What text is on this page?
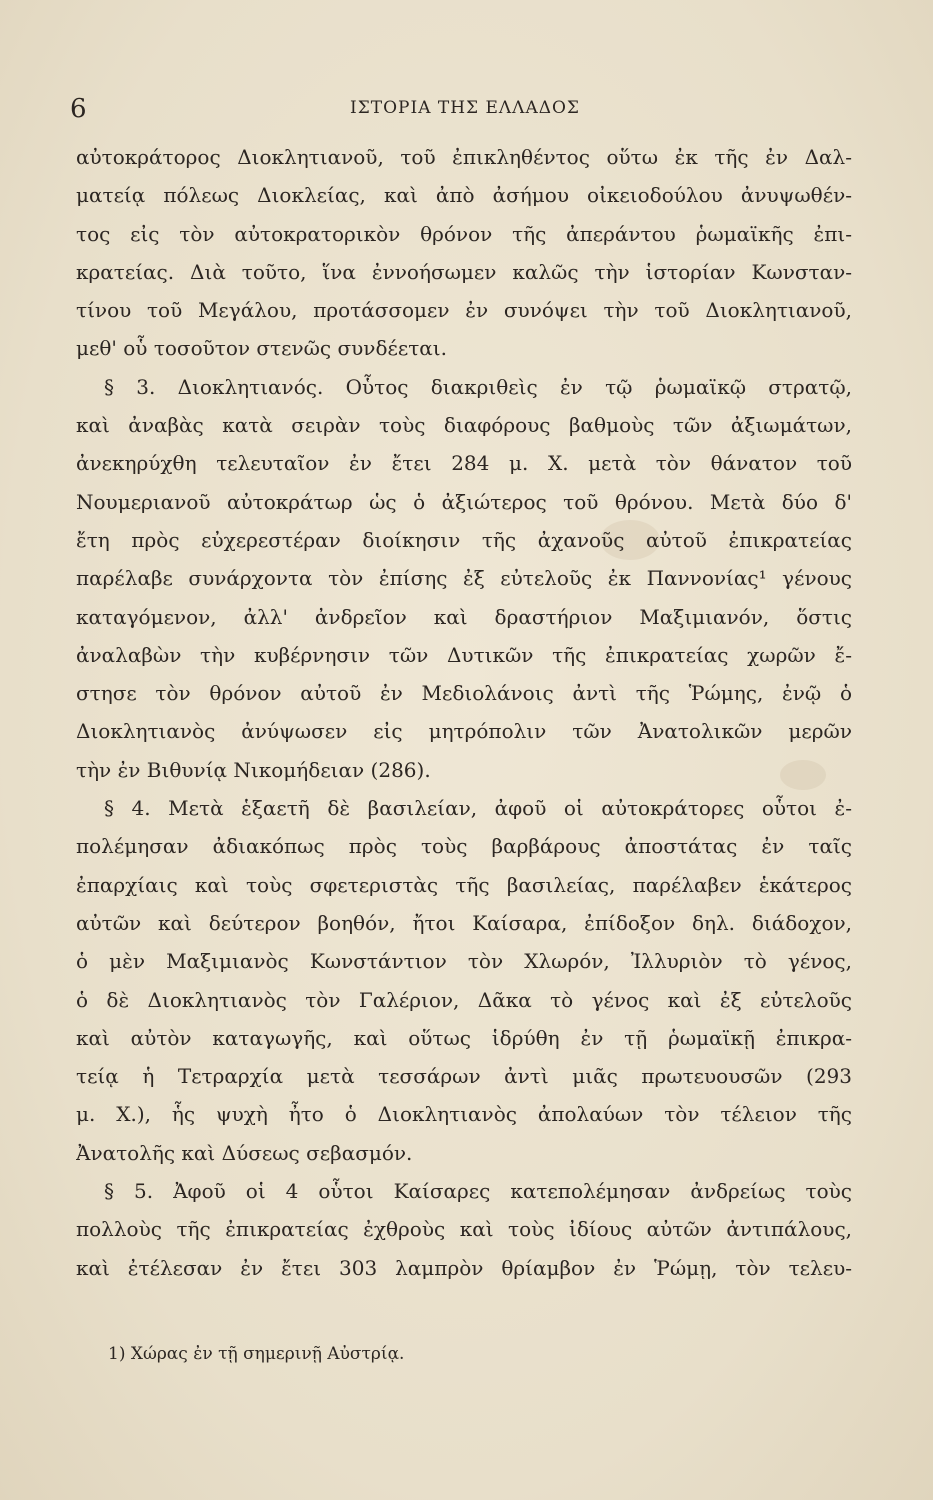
6	ΙΣΤΟΡΙΑ ΤΗΣ ΕΛΛΑΔΟΣ
αὐτοκράτορος Διοκλητιανοῦ, τοῦ ἐπικληθέντος οὕτω ἐκ τῆς ἐν Δαλ-
ματείᾳ πόλεως Διοκλείας, καὶ ἀπὸ ἀσήμου οἰκειοδούλου ἀνυψωθέν-
τος εἰς τὸν αὐτοκρατορικὸν θρόνον τῆς ἀπεράντου ῥωμαϊκῆς ἐπι-
κρατείας. Διὰ τοῦτο, ἵνα ἐννοήσωμεν καλῶς τὴν ἱστορίαν Κωνσταν-
τίνου τοῦ Μεγάλου, προτάσσομεν ἐν συνόψει τὴν τοῦ Διοκλητιανοῦ,
μεθ' οὗ τοσοῦτον στενῶς συνδέεται.
§ 3. Διοκλητιανός. Οὗτος διακριθεὶς ἐν τῷ ῥωμαϊκῷ στρατῷ,
καὶ ἀναβὰς κατὰ σειρὰν τοὺς διαφόρους βαθμοὺς τῶν ἀξιωμάτων,
ἀνεκηρύχθη τελευταῖον ἐν ἔτει 284 μ. Χ. μετὰ τὸν θάνατον τοῦ
Νουμεριανοῦ αὐτοκράτωρ ὡς ὁ ἀξιώτερος τοῦ θρόνου. Μετὰ δύο δ'
ἔτη πρὸς εὐχερεστέραν διοίκησιν τῆς ἀχανοῦς αὐτοῦ ἐπικρατείας
παρέλαβε συνάρχοντα τὸν ἐπίσης ἐξ εὐτελοῦς ἐκ Παννονίας¹ γένους
καταγόμενον, ἀλλ' ἀνδρεῖον καὶ δραστήριον Μαξιμιανόν, ὅστις
ἀναλαβὼν τὴν κυβέρνησιν τῶν Δυτικῶν τῆς ἐπικρατείας χωρῶν ἔ-
στησε τὸν θρόνον αὐτοῦ ἐν Μεδιολάνοις ἀντὶ τῆς Ῥώμης, ἐνῷ ὁ
Διοκλητιανὸς ἀνύψωσεν εἰς μητρόπολιν τῶν Ἀνατολικῶν μερῶν
τὴν ἐν Βιθυνίᾳ Νικομήδειαν (286).
§ 4. Μετὰ ἑξαετῆ δὲ βασιλείαν, ἀφοῦ οἱ αὐτοκράτορες οὗτοι ἐ-
πολέμησαν ἀδιακόπως πρὸς τοὺς βαρβάρους ἀποστάτας ἐν ταῖς
ἐπαρχίαις καὶ τοὺς σφετεριστὰς τῆς βασιλείας, παρέλαβεν ἑκάτερος
αὐτῶν καὶ δεύτερον βοηθόν, ἤτοι Καίσαρα, ἐπίδοξον δηλ. διάδοχον,
ὁ μὲν Μαξιμιανὸς Κωνστάντιον τὸν Χλωρόν, Ἰλλυριὸν τὸ γένος,
ὁ δὲ Διοκλητιανὸς τὸν Γαλέριον, Δᾶκα τὸ γένος καὶ ἐξ εὐτελοῦς
καὶ αὐτὸν καταγωγῆς, καὶ οὕτως ἱδρύθη ἐν τῇ ῥωμαϊκῇ ἐπικρα-
τείᾳ ἡ Τετραρχία μετὰ τεσσάρων ἀντὶ μιᾶς πρωτευουσῶν (293
μ. Χ.), ἧς ψυχὴ ἦτο ὁ Διοκλητιανὸς ἀπολαύων τὸν τέλειον τῆς
Ἀνατολῆς καὶ Δύσεως σεβασμόν.
§ 5. Ἀφοῦ οἱ 4 οὗτοι Καίσαρες κατεπολέμησαν ἀνδρείως τοὺς
πολλοὺς τῆς ἐπικρατείας ἐχθροὺς καὶ τοὺς ἰδίους αὐτῶν ἀντιπάλους,
καὶ ἐτέλεσαν ἐν ἔτει 303 λαμπρὸν θρίαμβον ἐν Ῥώμῃ, τὸν τελευ-
1) Χώρας ἐν τῇ σημερινῇ Αὐστρίᾳ.
